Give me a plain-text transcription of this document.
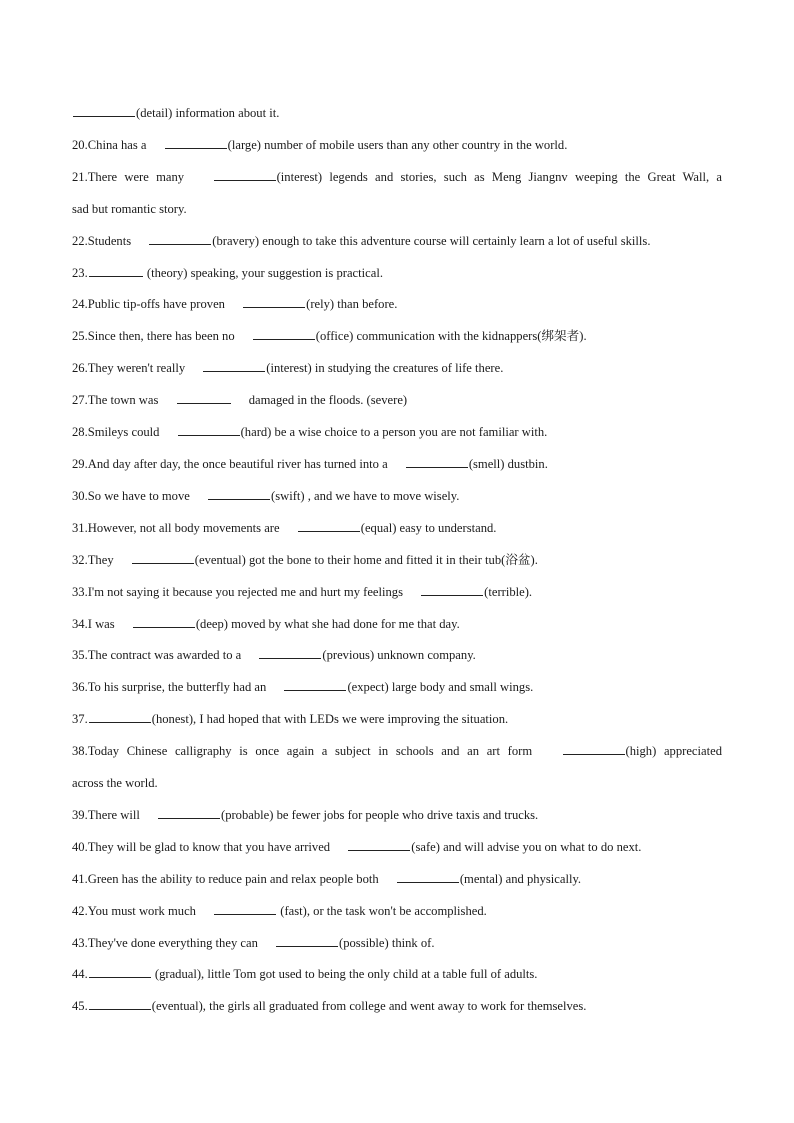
(detail) information about it.
20.China has a	(large) number of mobile users than any other country in the world.
21.There were many	(interest) legends and stories, such as Meng Jiangnv weeping the Great Wall, a
sad but romantic story.
22.Students	(bravery) enough to take this adventure course will certainly learn a lot of useful skills.
23.	(theory) speaking, your suggestion is practical.
24.Public tip-offs have proven	(rely) than before.
25.Since then, there has been no	(office) communication with the kidnappers(绑架者).
26.They weren't really	(interest) in studying the creatures of life there.
27.The town was	damaged in the floods. (severe)
28.Smileys could	(hard) be a wise choice to a person you are not familiar with.
29.And day after day, the once beautiful river has turned into a	(smell) dustbin.
30.So we have to move	(swift) , and we have to move wisely.
31.However, not all body movements are	(equal) easy to understand.
32.They	(eventual) got the bone to their home and fitted it in their tub(浴盆).
33.I'm not saying it because you rejected me and hurt my feelings	(terrible).
34.I was	(deep) moved by what she had done for me that day.
35.The contract was awarded to a	(previous) unknown company.
36.To his surprise, the butterfly had an	(expect) large body and small wings.
37.	(honest), I had hoped that with LEDs we were improving the situation.
38.Today Chinese calligraphy is once again a subject in schools and an art form	(high) appreciated
across the world.
39.There will	(probable) be fewer jobs for people who drive taxis and trucks.
40.They will be glad to know that you have arrived	(safe) and will advise you on what to do next.
41.Green has the ability to reduce pain and relax people both	(mental) and physically.
42.You must work much	(fast), or the task won't be accomplished.
43.They've done everything they can	(possible) think of.
44.	(gradual), little Tom got used to being the only child at a table full of adults.
45.	(eventual), the girls all graduated from college and went away to work for themselves.
